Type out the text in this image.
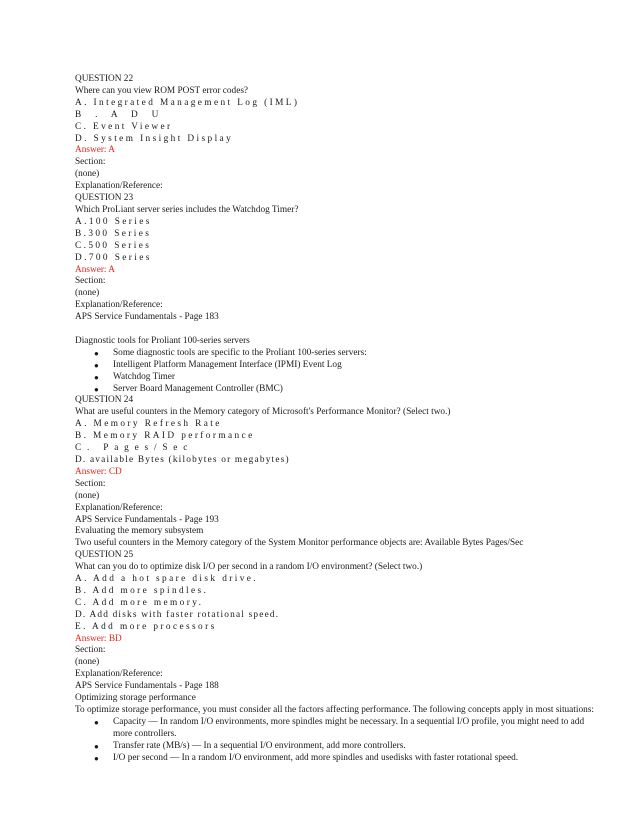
QUESTION 22
Where can you view ROM POST error codes?
A. Integrated Management Log (IML)
B . A D U
C. Event Viewer
D. System Insight Display
Answer: A
Section:
(none)
Explanation/Reference:
QUESTION 23
Which ProLiant server series includes the Watchdog Timer?
A.100 Series
B.300 Series
C.500 Series
D.700 Series
Answer: A
Section:
(none)
Explanation/Reference:
APS Service Fundamentals - Page 183
Diagnostic tools for Proliant 100-series servers
● Some diagnostic tools are specific to the Proliant 100-series servers:
● Intelligent Platform Management Interface (IPMI) Event Log
● Watchdog Timer
● Server Board Management Controller (BMC)
QUESTION 24
What are useful counters in the Memory category of Microsoft's Performance Monitor? (Select two.)
A. Memory Refresh Rate
B. Memory RAID performance
C. Pages/Sec
D. available Bytes (kilobytes or megabytes)
Answer: CD
Section:
(none)
Explanation/Reference:
APS Service Fundamentals - Page 193
Evaluating the memory subsystem
Two useful counters in the Memory category of the System Monitor performance objects are: Available Bytes Pages/Sec
QUESTION 25
What can you do to optimize disk I/O per second in a random I/O environment? (Select two.)
A. Add a hot spare disk drive.
B. Add more spindles.
C. Add more memory.
D. Add disks with faster rotational speed.
E. Add more processors
Answer: BD
Section:
(none)
Explanation/Reference:
APS Service Fundamentals - Page 188
Optimizing storage performance
To optimize storage performance, you must consider all the factors affecting performance. The following concepts apply in most situations:
● Capacity — In random I/O environments, more spindles might be necessary. In a sequential I/O profile, you might need to add more controllers.
● Transfer rate (MB/s) — In a sequential I/O environment, add more controllers.
● I/O per second — In a random I/O environment, add more spindles and usedisks with faster rotational speed.
